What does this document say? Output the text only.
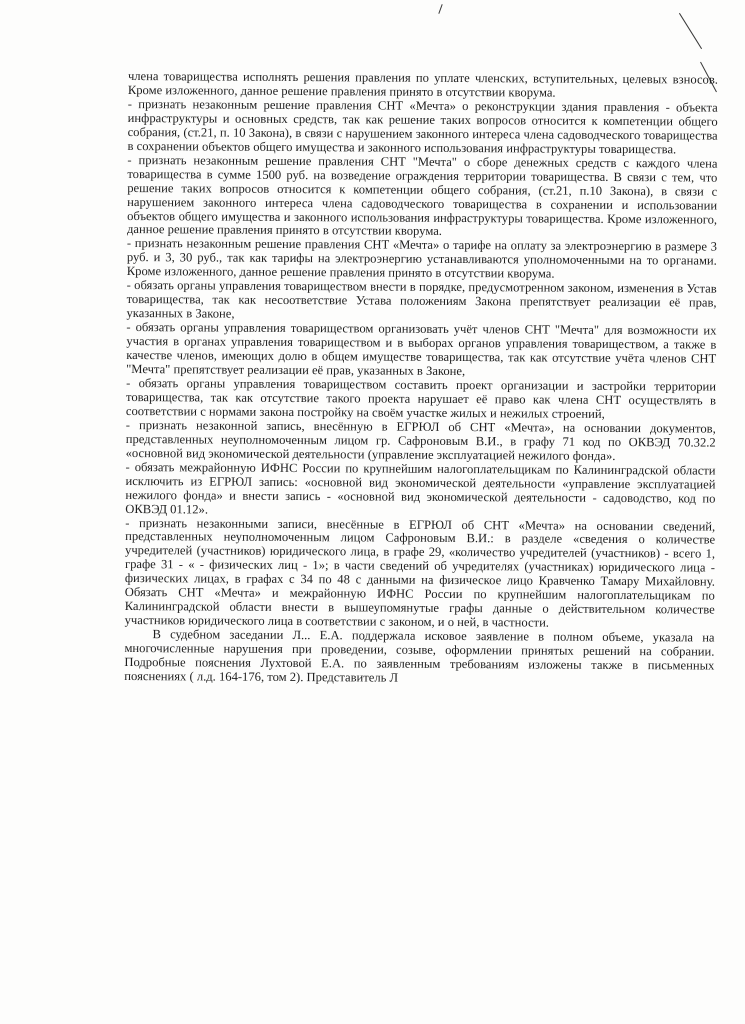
члена товарищества исполнять решения правления по уплате членских, вступительных, целевых взносов. Кроме изложенного, данное решение правления принято в отсутствии кворума.

- признать незаконным решение правления СНТ «Мечта» о реконструкции здания правления - объекта инфраструктуры и основных средств, так как решение таких вопросов относится к компетенции общего собрания, (ст.21, п. 10 Закона), в связи с нарушением законного интереса члена садоводческого товарищества в сохранении объектов общего имущества и законного использования инфраструктуры товарищества.

- признать незаконным решение правления СНТ "Мечта" о сборе денежных средств с каждого члена товарищества в сумме 1500 руб. на возведение ограждения территории товарищества. В связи с тем, что решение таких вопросов относится к компетенции общего собрания, (ст.21, п.10 Закона), в связи с нарушением законного интереса члена садоводческого товарищества в сохранении и использовании объектов общего имущества и законного использования инфраструктуры товарищества. Кроме изложенного, данное решение правления принято в отсутствии кворума.

- признать незаконным решение правления СНТ «Мечта» о тарифе на оплату за электроэнергию в размере 3 руб. и 3, 30 руб., так как тарифы на электроэнергию устанавливаются уполномоченными на то органами. Кроме изложенного, данное решение правления принято в отсутствии кворума.

- обязать органы управления товариществом внести в порядке, предусмотренном законом, изменения в Устав товарищества, так как несоответствие Устава положениям Закона препятствует реализации её прав, указанных в Законе,

- обязать органы управления товариществом организовать учёт членов СНТ "Мечта" для возможности их участия в органах управления товариществом и в выборах органов управления товариществом, а также в качестве членов, имеющих долю в общем имуществе товарищества, так как отсутствие учёта членов СНТ "Мечта" препятствует реализации её прав, указанных в Законе,

- обязать органы управления товариществом составить проект организации и застройки территории товарищества, так как отсутствие такого проекта нарушает её право как члена СНТ осуществлять в соответствии с нормами закона постройку на своём участке жилых и нежилых строений,

- признать незаконной запись, внесённую в ЕГРЮЛ об СНТ «Мечта», на основании документов, представленных неуполномоченным лицом гр. Сафроновым В.И., в графу 71 код по ОКВЭД 70.32.2 «основной вид экономической деятельности (управление эксплуатацией нежилого фонда».

- обязать межрайонную ИФНС России по крупнейшим налогоплательщикам по Калининградской области исключить из ЕГРЮЛ запись: «основной вид экономической деятельности «управление эксплуатацией нежилого фонда» и внести запись - «основной вид экономической деятельности - садоводство, код по ОКВЭД 01.12».

- признать незаконными записи, внесённые в ЕГРЮЛ об СНТ «Мечта» на основании сведений, представленных неуполномоченным лицом Сафроновым В.И.: в разделе «сведения о количестве учредителей (участников) юридического лица, в графе 29, «количество учредителей (участников) - всего 1, графе 31 - « - физических лиц - 1»; в части сведений об учредителях (участниках) юридического лица - физических лицах, в графах с 34 по 48 с данными на физическое лицо Кравченко Тамару Михайловну. Обязать СНТ «Мечта» и межрайонную ИФНС России по крупнейшим налогоплательщикам по Калининградской области внести в вышеупомянутые графы данные о действительном количестве участников юридического лица в соответствии с законом, и о ней, в частности.

В судебном заседании Л... Е.А. поддержала исковое заявление в полном объеме, указала на многочисленные нарушения при проведении, созыве, оформлении принятых решений на собрании. Подробные пояснения Лухтовой Е.А. по заявленным требованиям изложены также в письменных пояснениях ( л.д. 164-176, том 2). Представитель Л
